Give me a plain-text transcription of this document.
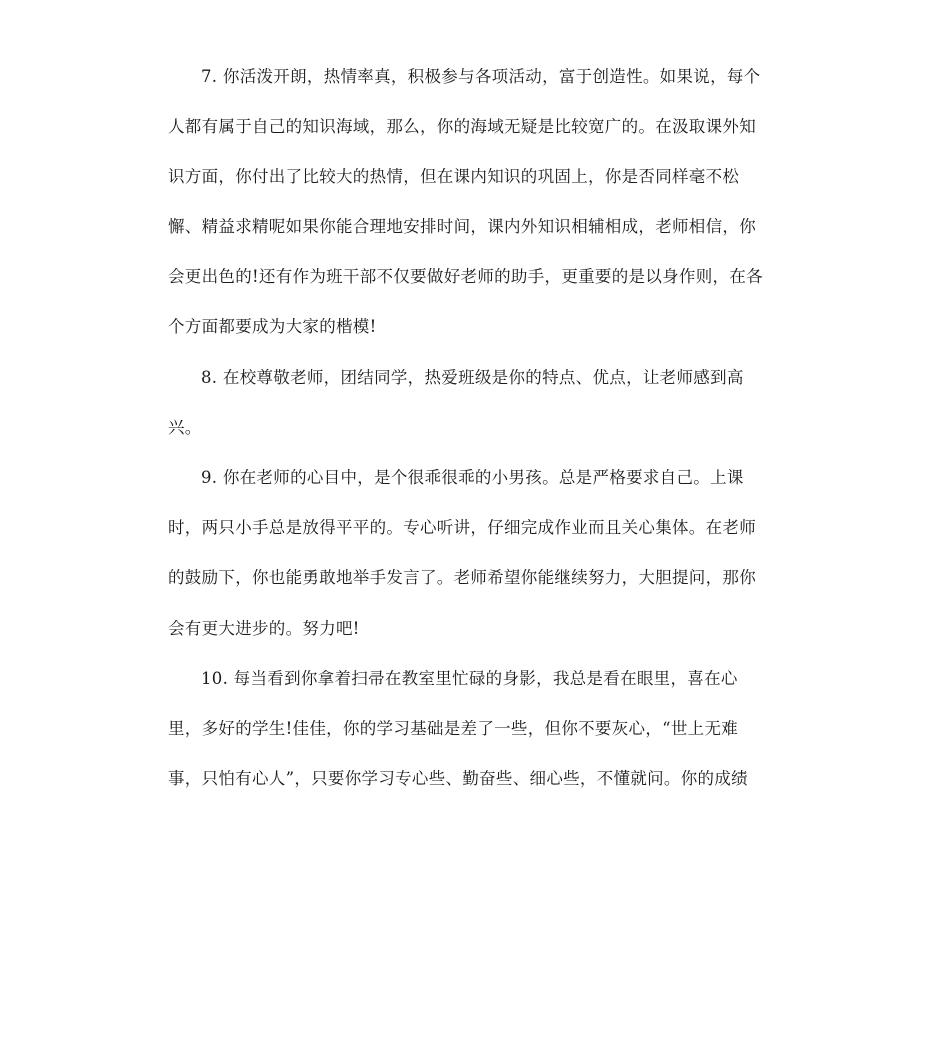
7. 你活泼开朗，热情率真，积极参与各项活动，富于创造性。如果说，每个
人都有属于自己的知识海域，那么，你的海域无疑是比较宽广的。在汲取课外知
识方面，你付出了比较大的热情，但在课内知识的巩固上，你是否同样毫不松
懈、精益求精呢如果你能合理地安排时间，课内外知识相辅相成，老师相信，你
会更出色的!还有作为班干部不仅要做好老师的助手，更重要的是以身作则，在各
个方面都要成为大家的楷模!
8. 在校尊敬老师，团结同学，热爱班级是你的特点、优点，让老师感到高
兴。
9. 你在老师的心目中，是个很乖很乖的小男孩。总是严格要求自己。上课
时，两只小手总是放得平平的。专心听讲，仔细完成作业而且关心集体。在老师
的鼓励下，你也能勇敢地举手发言了。老师希望你能继续努力，大胆提问，那你
会有更大进步的。努力吧!
10. 每当看到你拿着扫帚在教室里忙碌的身影，我总是看在眼里，喜在心
里，多好的学生!佳佳，你的学习基础是差了一些，但你不要灰心，“世上无难
事，只怕有心人”，只要你学习专心些、勤奋些、细心些，不懂就问。你的成绩
